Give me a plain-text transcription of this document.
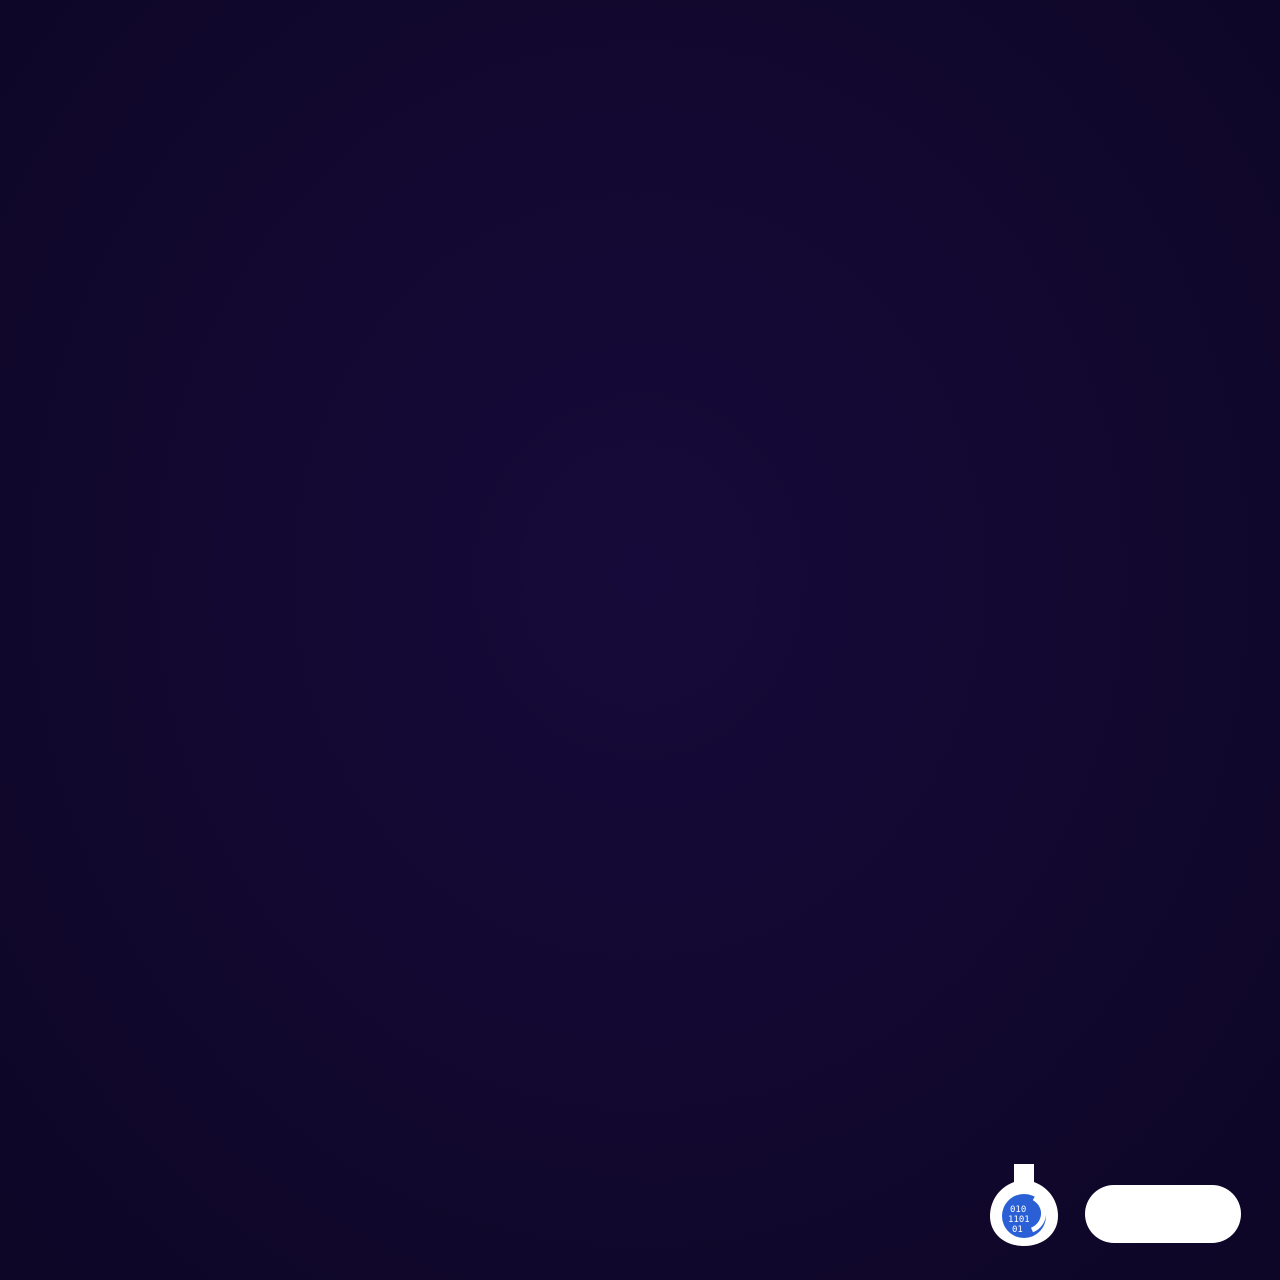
010
1101
01
